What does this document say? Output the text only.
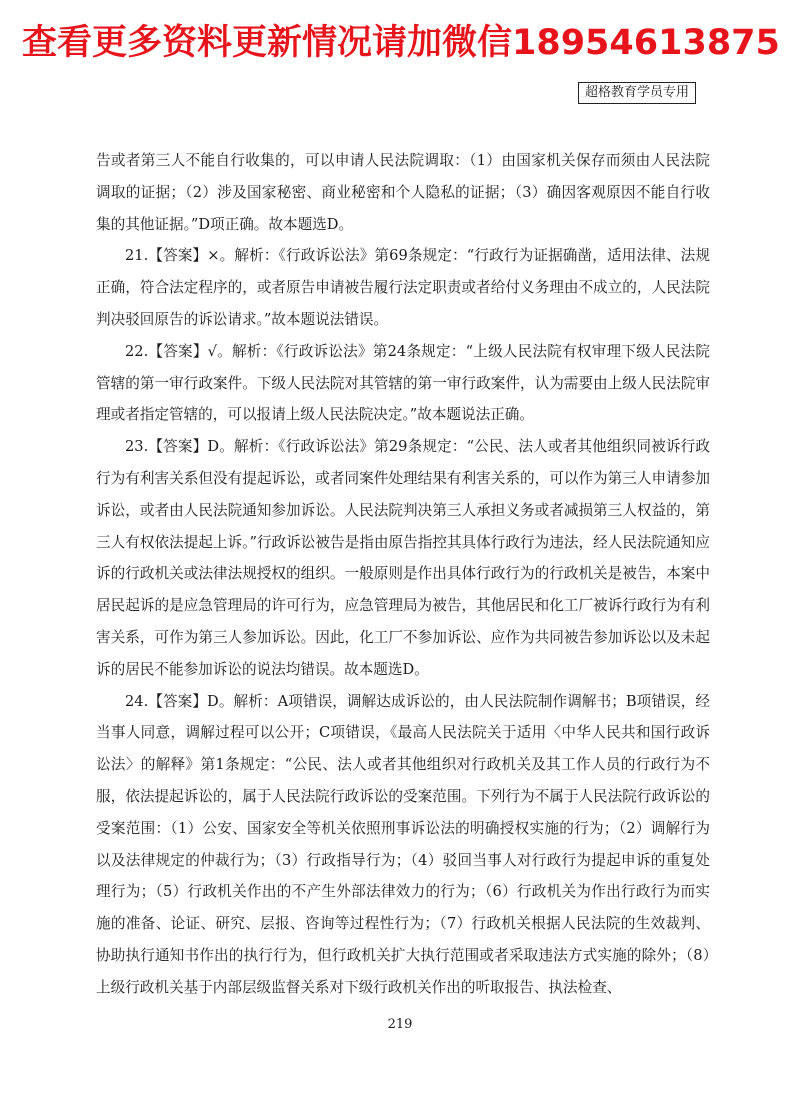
查看更多资料更新情况请加微信18954613875
超格教育学员专用

告或者第三人不能自行收集的，可以申请人民法院调取：（1）由国家机关保存而须由人民法院调取的证据；（2）涉及国家秘密、商业秘密和个人隐私的证据；（3）确因客观原因不能自行收集的其他证据。”D项正确。故本题选D。

21.【答案】×。解析：《行政诉讼法》第69条规定：“行政行为证据确凿，适用法律、法规正确，符合法定程序的，或者原告申请被告履行法定职责或者给付义务理由不成立的，人民法院判决驳回原告的诉讼请求。”故本题说法错误。

22.【答案】√。解析：《行政诉讼法》第24条规定：“上级人民法院有权审理下级人民法院管辖的第一审行政案件。下级人民法院对其管辖的第一审行政案件，认为需要由上级人民法院审理或者指定管辖的，可以报请上级人民法院决定。”故本题说法正确。

23.【答案】D。解析：《行政诉讼法》第29条规定：“公民、法人或者其他组织同被诉行政行为有利害关系但没有提起诉讼，或者同案件处理结果有利害关系的，可以作为第三人申请参加诉讼，或者由人民法院通知参加诉讼。人民法院判决第三人承担义务或者减损第三人权益的，第三人有权依法提起上诉。”行政诉讼被告是指由原告指控其具体行政行为违法，经人民法院通知应诉的行政机关或法律法规授权的组织。一般原则是作出具体行政行为的行政机关是被告，本案中居民起诉的是应急管理局的许可行为，应急管理局为被告，其他居民和化工厂被诉行政行为有利害关系，可作为第三人参加诉讼。因此，化工厂不参加诉讼、应作为共同被告参加诉讼以及未起诉的居民不能参加诉讼的说法均错误。故本题选D。

24.【答案】D。解析：A项错误，调解达成诉讼的，由人民法院制作调解书；B项错误，经当事人同意，调解过程可以公开；C项错误，《最高人民法院关于适用〈中华人民共和国行政诉讼法〉的解释》第1条规定：“公民、法人或者其他组织对行政机关及其工作人员的行政行为不服，依法提起诉讼的，属于人民法院行政诉讼的受案范围。下列行为不属于人民法院行政诉讼的受案范围：（1）公安、国家安全等机关依照刑事诉讼法的明确授权实施的行为；（2）调解行为以及法律规定的仲裁行为；（3）行政指导行为；（4）驳回当事人对行政行为提起申诉的重复处理行为；（5）行政机关作出的不产生外部法律效力的行为；（6）行政机关为作出行政行为而实施的准备、论证、研究、层报、咨询等过程性行为；（7）行政机关根据人民法院的生效裁判、协助执行通知书作出的执行行为，但行政机关扩大执行范围或者采取违法方式实施的除外；（8）上级行政机关基于内部层级监督关系对下级行政机关作出的听取报告、执法检查、

219
